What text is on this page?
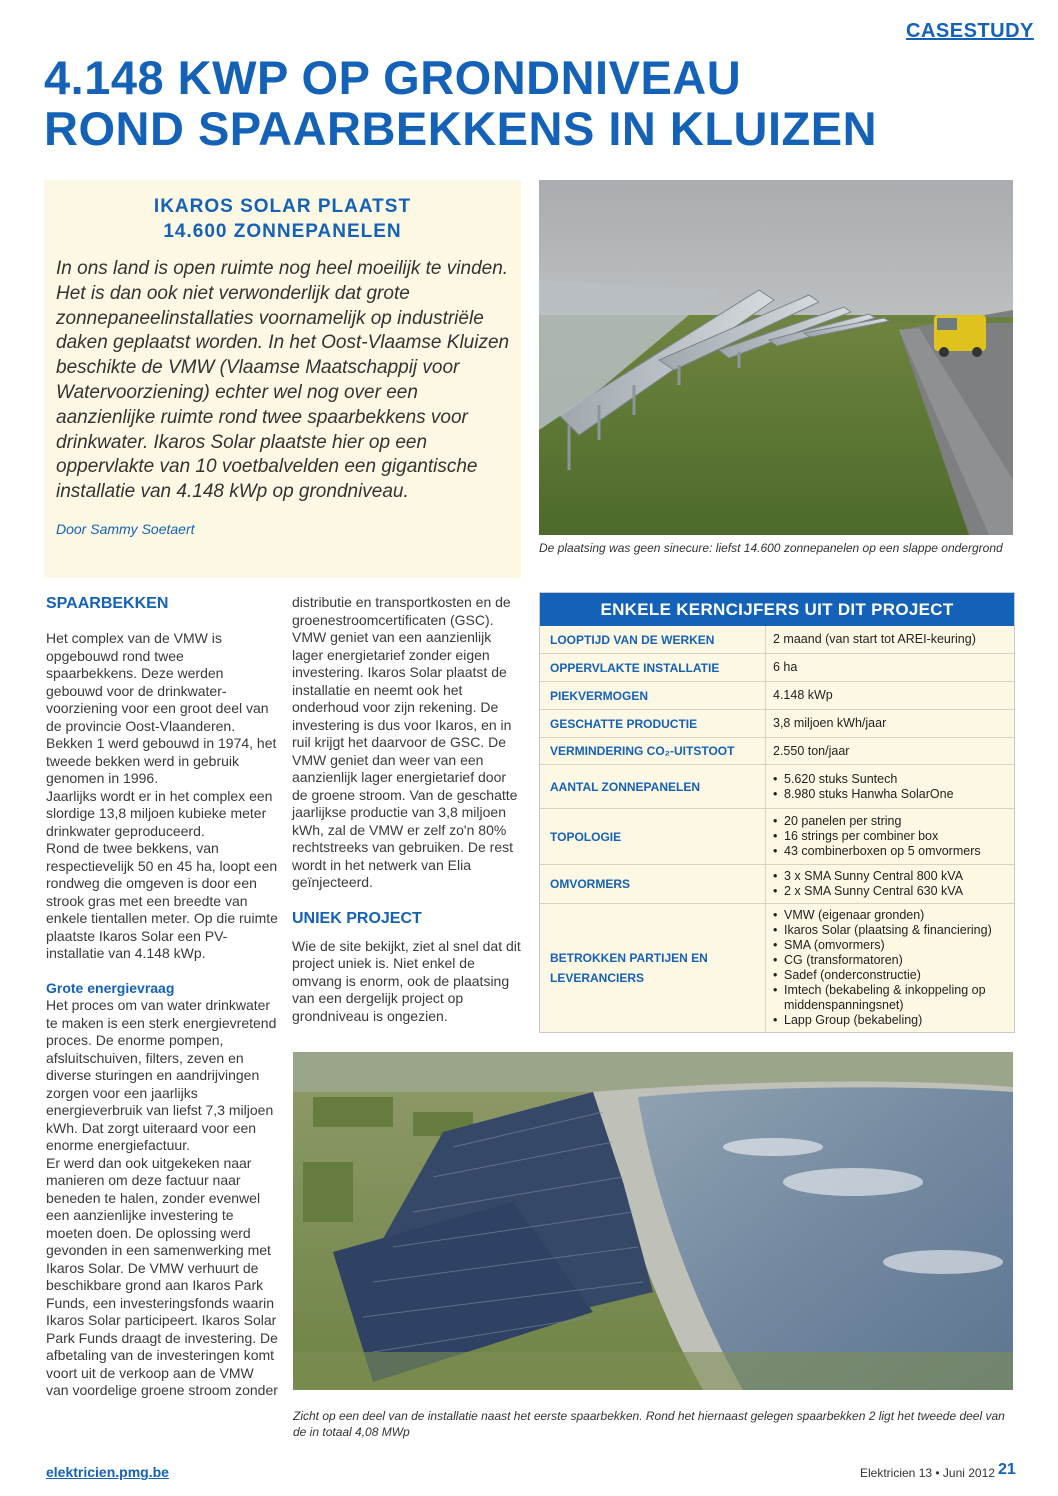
CASESTUDY
4.148 KWP OP GRONDNIVEAU
ROND SPAARBEKKENS IN KLUIZEN
IKAROS SOLAR PLAATST
14.600 ZONNEPANELEN

In ons land is open ruimte nog heel moeilijk te vinden. Het is dan ook niet verwonderlijk dat grote zonnepaneelinstallaties voornamelijk op industriële daken geplaatst worden. In het Oost-Vlaamse Kluizen beschikte de VMW (Vlaamse Maatschappij voor Watervoorziening) echter wel nog over een aanzienlijke ruimte rond twee spaarbekkens voor drinkwater. Ikaros Solar plaatste hier op een oppervlakte van 10 voetbalvelden een gigantische installatie van 4.148 kWp op grondniveau.

Door Sammy Soetaert
De plaatsing was geen sinecure: liefst 14.600 zonnepanelen op een slappe ondergrond
SPAARBEKKEN

Het complex van de VMW is opgebouwd rond twee spaarbekkens. Deze werden gebouwd voor de drinkwater-voorziening voor een groot deel van de provincie Oost-Vlaanderen. Bekken 1 werd gebouwd in 1974, het tweede bekken werd in gebruik genomen in 1996.

Jaarlijks wordt er in het complex een slordige 13,8 miljoen kubieke meter drinkwater geproduceerd.

Rond de twee bekkens, van respectievelijk 50 en 45 ha, loopt een rondweg die omgeven is door een strook gras met een breedte van enkele tientallen meter. Op die ruimte plaatste Ikaros Solar een PV-installatie van 4.148 kWp.

Grote energievraag

Het proces om van water drinkwater te maken is een sterk energievretend proces. De enorme pompen, afsluitschuiven, filters, zeven en diverse sturingen en aandrijvingen zorgen voor een jaarlijks energieverbruik van liefst 7,3 miljoen kWh. Dat zorgt uiteraard voor een enorme energiefactuur.

Er werd dan ook uitgekeken naar manieren om deze factuur naar beneden te halen, zonder evenwel een aanzienlijke investering te moeten doen. De oplossing werd gevonden in een samenwerking met Ikaros Solar. De VMW verhuurt de beschikbare grond aan Ikaros Park Funds, een investeringsfonds waarin Ikaros Solar participeert. Ikaros Solar Park Funds draagt de investering. De afbetaling van de investeringen komt voort uit de verkoop aan de VMW van voordelige groene stroom zonder

distributie en transportkosten en de groenestroomcertificaten (GSC). VMW geniet van een aanzienlijk lager energietarief zonder eigen investering. Ikaros Solar plaatst de installatie en neemt ook het onderhoud voor zijn rekening. De investering is dus voor Ikaros, en in ruil krijgt het daarvoor de GSC. De VMW geniet dan weer van een aanzienlijk lager energietarief door de groene stroom. Van de geschatte jaarlijkse productie van 3,8 miljoen kWh, zal de VMW er zelf zo'n 80% rechtstreeks van gebruiken. De rest wordt in het netwerk van Elia geïnjecteerd.

UNIEK PROJECT

Wie de site bekijkt, ziet al snel dat dit project uniek is. Niet enkel de omvang is enorm, ook de plaatsing van een dergelijk project op grondniveau is ongezien.

ENKELE KERNCIJFERS UIT DIT PROJECT
LOOPTIJD VAN DE WERKEN	2 maand (van start tot AREI-keuring)
OPPERVLAKTE INSTALLATIE	6 ha
PIEKVERMOGEN	4.148 kWp
GESCHATTE PRODUCTIE	3,8 miljoen kWh/jaar
VERMINDERING CO₂-UITSTOOT	2.550 ton/jaar
AANTAL ZONNEPANELEN
• 5.620 stuks Suntech
• 8.980 stuks Hanwha SolarOne
TOPOLOGIE
• 20 panelen per string
• 16 strings per combiner box
• 43 combinerboxen op 5 omvormers
OMVORMERS
• 3 x SMA Sunny Central 800 kVA
• 2 x SMA Sunny Central 630 kVA
BETROKKEN PARTIJEN EN LEVERANCIERS
• VMW (eigenaar gronden)
• Ikaros Solar (plaatsing & financiering)
• SMA (omvormers)
• CG (transformatoren)
• Sadef (onderconstructie)
• Imtech (bekabeling & inkoppeling op middenspanningsnet)
• Lapp Group (bekabeling)
Zicht op een deel van de installatie naast het eerste spaarbekken. Rond het hiernaast gelegen spaarbekken 2 ligt het tweede deel van de in totaal 4,08 MWp
elektricien.pmg.be	Elektricien 13 • Juni 2012 21
